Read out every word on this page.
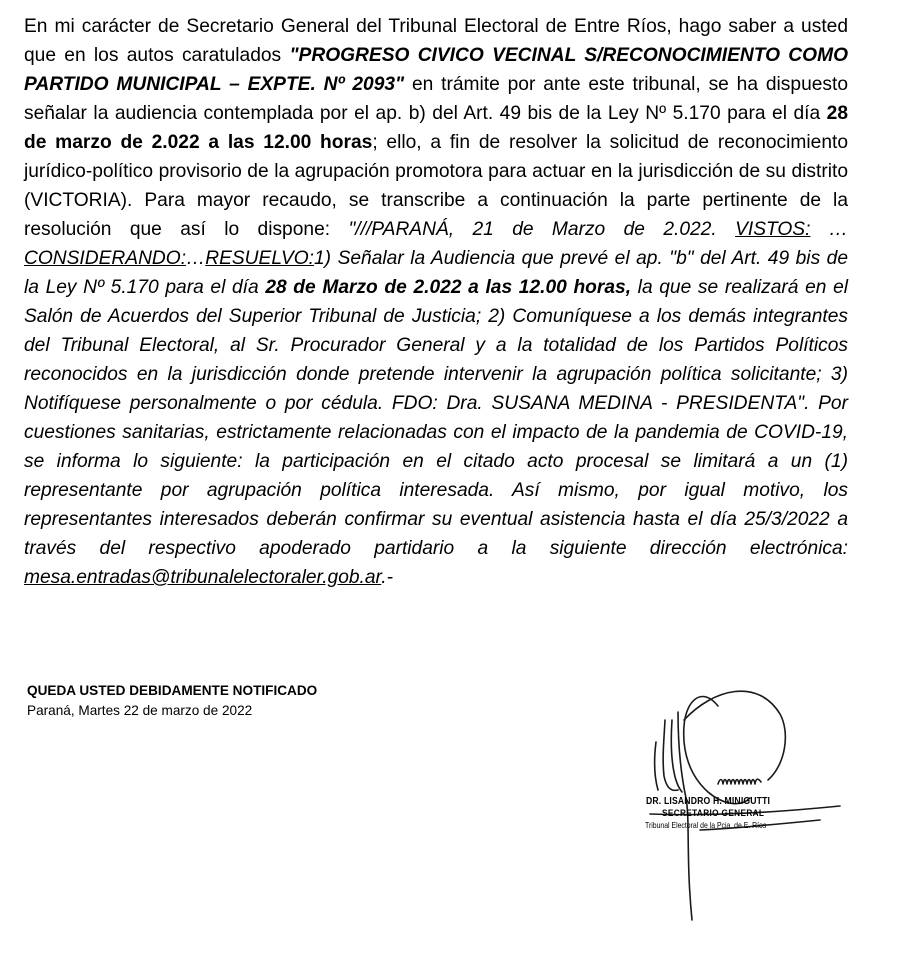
En mi carácter de Secretario General del Tribunal Electoral de Entre Ríos, hago saber a usted que en los autos caratulados "PROGRESO CIVICO VECINAL S/RECONOCIMIENTO COMO PARTIDO MUNICIPAL – EXPTE. Nº 2093" en trámite por ante este tribunal, se ha dispuesto señalar la audiencia contemplada por el ap. b) del Art. 49 bis de la Ley Nº 5.170 para el día 28 de marzo de 2.022 a las 12.00 horas; ello, a fin de resolver la solicitud de reconocimiento jurídico-político provisorio de la agrupación promotora para actuar en la jurisdicción de su distrito (VICTORIA). Para mayor recaudo, se transcribe a continuación la parte pertinente de la resolución que así lo dispone: "///PARANÁ, 21 de Marzo de 2.022. VISTOS: …CONSIDERANDO:…RESUELVO:1) Señalar la Audiencia que prevé el ap. "b" del Art. 49 bis de la Ley Nº 5.170 para el día 28 de Marzo de 2.022 a las 12.00 horas, la que se realizará en el Salón de Acuerdos del Superior Tribunal de Justicia; 2) Comuníquese a los demás integrantes del Tribunal Electoral, al Sr. Procurador General y a la totalidad de los Partidos Políticos reconocidos en la jurisdicción donde pretende intervenir la agrupación política solicitante; 3) Notifíquese personalmente o por cédula. FDO: Dra. SUSANA MEDINA - PRESIDENTA". Por cuestiones sanitarias, estrictamente relacionadas con el impacto de la pandemia de COVID-19, se informa lo siguiente: la participación en el citado acto procesal se limitará a un (1) representante por agrupación política interesada. Así mismo, por igual motivo, los representantes interesados deberán confirmar su eventual asistencia hasta el día 25/3/2022 a través del respectivo apoderado partidario a la siguiente dirección electrónica: mesa.entradas@tribunalelectoraler.gob.ar.-

QUEDA USTED DEBIDAMENTE NOTIFICADO
Paraná, Martes 22 de marzo de 2022
DR. LISANDRO H. MINIGUTTI
SECRETARIO GENERAL
Tribunal Electoral de la Pcia. de E. Ríos
